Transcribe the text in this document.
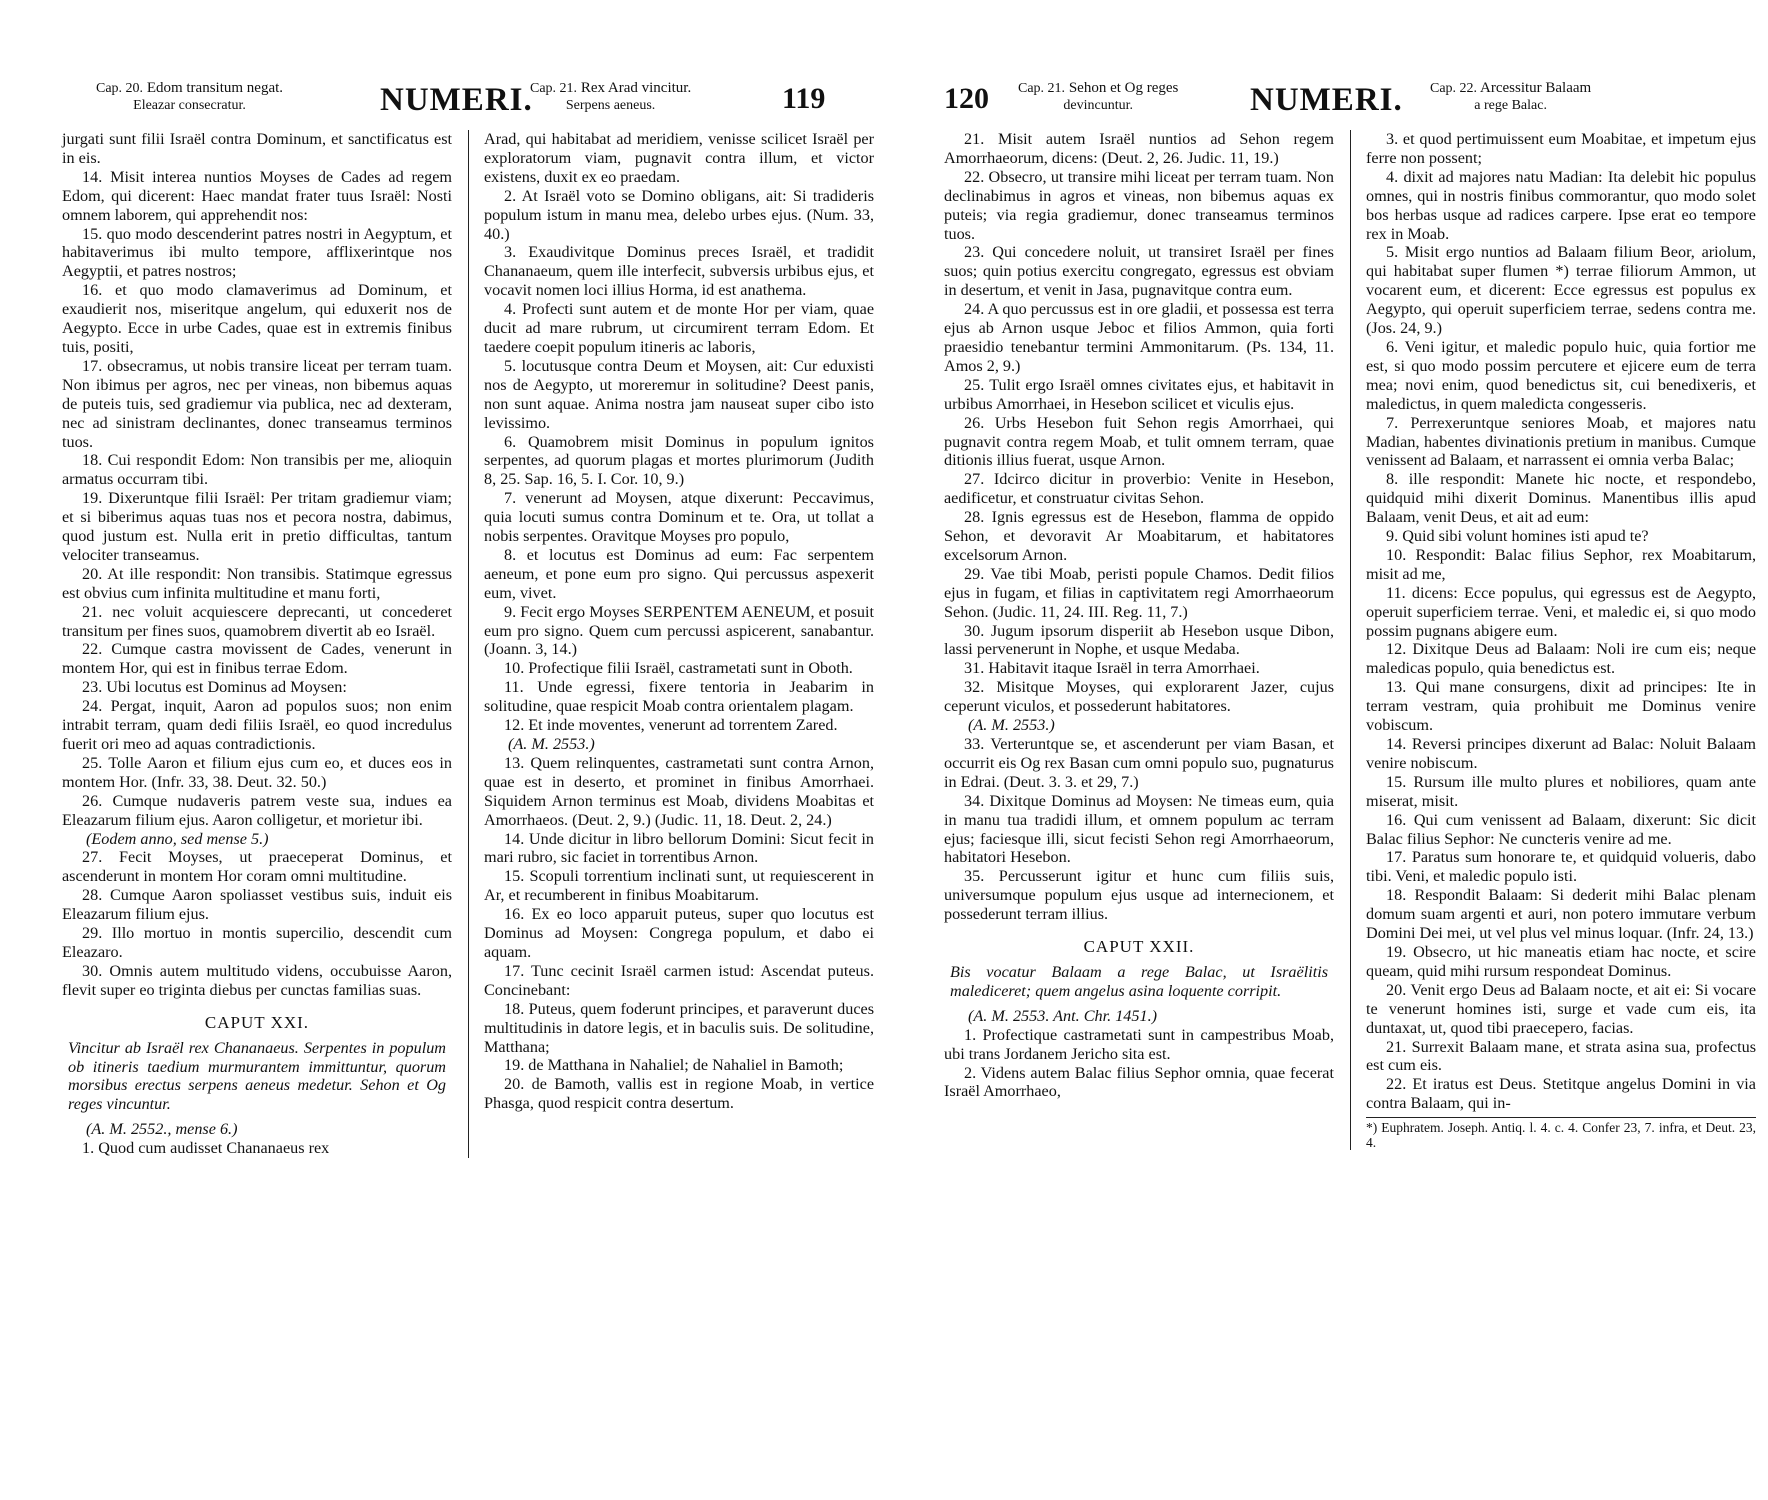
Cap. 20. Edom transitum negat.
Eleazar consecratur.	NUMERI.
Cap. 21. Rex Arad vincitur.
Serpens aeneus.	119

jurgati sunt filii Israël contra Dominum, et sanctificatus est in eis.

14. Misit interea nuntios Moyses de Cades ad regem Edom, qui dicerent: Haec mandat frater tuus Israël: Nosti omnem laborem, qui apprehendit nos:

15. quo modo descenderint patres nostri in Aegyptum, et habitaverimus ibi multo tempore, afflixerintque nos Aegyptii, et patres nostros;

16. et quo modo clamaverimus ad Dominum, et exaudierit nos, miseritque angelum, qui eduxerit nos de Aegypto. Ecce in urbe Cades, quae est in extremis finibus tuis, positi,

17. obsecramus, ut nobis transire liceat per terram tuam. Non ibimus per agros, nec per vineas, non bibemus aquas de puteis tuis, sed gradiemur via publica, nec ad dexteram, nec ad sinistram declinantes, donec transeamus terminos tuos.

18. Cui respondit Edom: Non transibis per me, alioquin armatus occurram tibi.

19. Dixeruntque filii Israël: Per tritam gradiemur viam; et si biberimus aquas tuas nos et pecora nostra, dabimus, quod justum est. Nulla erit in pretio difficultas, tantum velociter transeamus.

20. At ille respondit: Non transibis. Statimque egressus est obvius cum infinita multitudine et manu forti,

21. nec voluit acquiescere deprecanti, ut concederet transitum per fines suos, quamobrem divertit ab eo Israël.

22. Cumque castra movissent de Cades, venerunt in montem Hor, qui est in finibus terrae Edom.

23. Ubi locutus est Dominus ad Moysen:

24. Pergat, inquit, Aaron ad populos suos; non enim intrabit terram, quam dedi filiis Israël, eo quod incredulus fuerit ori meo ad aquas contradictionis.

25. Tolle Aaron et filium ejus cum eo, et duces eos in montem Hor. (Infr. 33, 38. Deut. 32. 50.)

26. Cumque nudaveris patrem veste sua, indues ea Eleazarum filium ejus. Aaron colligetur, et morietur ibi.

(Eodem anno, sed mense 5.)

27. Fecit Moyses, ut praeceperat Dominus, et ascenderunt in montem Hor coram omni multitudine.

28. Cumque Aaron spoliasset vestibus suis, induit eis Eleazarum filium ejus.

29. Illo mortuo in montis supercilio, descendit cum Eleazaro.

30. Omnis autem multitudo videns, occubuisse Aaron, flevit super eo triginta diebus per cunctas familias suas.

CAPUT XXI.

Vincitur ab Israël rex Chananaeus. Serpentes in populum ob itineris taedium murmurantem immittuntur, quorum morsibus erectus serpens aeneus medetur. Sehon et Og reges vincuntur.

(A. M. 2552., mense 6.)

1. Quod cum audisset Chananaeus rex

Arad, qui habitabat ad meridiem, venisse scilicet Israël per exploratorum viam, pugnavit contra illum, et victor existens, duxit ex eo praedam.

2. At Israël voto se Domino obligans, ait: Si tradideris populum istum in manu mea, delebo urbes ejus. (Num. 33, 40.)

3. Exaudivitque Dominus preces Israël, et tradidit Chananaeum, quem ille interfecit, subversis urbibus ejus, et vocavit nomen loci illius Horma, id est anathema.

4. Profecti sunt autem et de monte Hor per viam, quae ducit ad mare rubrum, ut circumirent terram Edom. Et taedere coepit populum itineris ac laboris,

5. locutusque contra Deum et Moysen, ait: Cur eduxisti nos de Aegypto, ut moreremur in solitudine? Deest panis, non sunt aquae. Anima nostra jam nauseat super cibo isto levissimo.

6. Quamobrem misit Dominus in populum ignitos serpentes, ad quorum plagas et mortes plurimorum (Judith 8, 25. Sap. 16, 5. I. Cor. 10, 9.)

7. venerunt ad Moysen, atque dixerunt: Peccavimus, quia locuti sumus contra Dominum et te. Ora, ut tollat a nobis serpentes. Oravitque Moyses pro populo,

8. et locutus est Dominus ad eum: Fac serpentem aeneum, et pone eum pro signo. Qui percussus aspexerit eum, vivet.

9. Fecit ergo Moyses SERPENTEM AENEUM, et posuit eum pro signo. Quem cum percussi aspicerent, sanabantur. (Joann. 3, 14.)

10. Profectique filii Israël, castrametati sunt in Oboth.

11. Unde egressi, fixere tentoria in Jeabarim in solitudine, quae respicit Moab contra orientalem plagam.

12. Et inde moventes, venerunt ad torrentem Zared.

(A. M. 2553.)

13. Quem relinquentes, castrametati sunt contra Arnon, quae est in deserto, et prominet in finibus Amorrhaei. Siquidem Arnon terminus est Moab, dividens Moabitas et Amorrhaeos. (Deut. 2, 9.) (Judic. 11, 18. Deut. 2, 24.)

14. Unde dicitur in libro bellorum Domini: Sicut fecit in mari rubro, sic faciet in torrentibus Arnon.

15. Scopuli torrentium inclinati sunt, ut requiescerent in Ar, et recumberent in finibus Moabitarum.

16. Ex eo loco apparuit puteus, super quo locutus est Dominus ad Moysen: Congrega populum, et dabo ei aquam.

17. Tunc cecinit Israël carmen istud: Ascendat puteus. Concinebant:

18. Puteus, quem foderunt principes, et paraverunt duces multitudinis in datore legis, et in baculis suis. De solitudine, Matthana;

19. de Matthana in Nahaliel; de Nahaliel in Bamoth;

20. de Bamoth, vallis est in regione Moab, in vertice Phasga, quod respicit contra desertum.

120 Cap. 21. Sehon et Og reges
devincuntur.	NUMERI. Cap. 22. Arcessitur Balaam
a rege Balac.

21. Misit autem Israël nuntios ad Sehon regem Amorrhaeorum, dicens: (Deut. 2, 26. Judic. 11, 19.)

22. Obsecro, ut transire mihi liceat per terram tuam. Non declinabimus in agros et vineas, non bibemus aquas ex puteis; via regia gradiemur, donec transeamus terminos tuos.

23. Qui concedere noluit, ut transiret Israël per fines suos; quin potius exercitu congregato, egressus est obviam in desertum, et venit in Jasa, pugnavitque contra eum.

24. A quo percussus est in ore gladii, et possessa est terra ejus ab Arnon usque Jeboc et filios Ammon, quia forti praesidio tenebantur termini Ammonitarum. (Ps. 134, 11. Amos 2, 9.)

25. Tulit ergo Israël omnes civitates ejus, et habitavit in urbibus Amorrhaei, in Hesebon scilicet et viculis ejus.

26. Urbs Hesebon fuit Sehon regis Amorrhaei, qui pugnavit contra regem Moab, et tulit omnem terram, quae ditionis illius fuerat, usque Arnon.

27. Idcirco dicitur in proverbio: Venite in Hesebon, aedificetur, et construatur civitas Sehon.

28. Ignis egressus est de Hesebon, flamma de oppido Sehon, et devoravit Ar Moabitarum, et habitatores excelsorum Arnon.

29. Vae tibi Moab, peristi popule Chamos. Dedit filios ejus in fugam, et filias in captivitatem regi Amorrhaeorum Sehon. (Judic. 11, 24. III. Reg. 11, 7.)

30. Jugum ipsorum disperiit ab Hesebon usque Dibon, lassi pervenerunt in Nophe, et usque Medaba.

31. Habitavit itaque Israël in terra Amorrhaei.

32. Misitque Moyses, qui explorarent Jazer, cujus ceperunt viculos, et possederunt habitatores.

(A. M. 2553.)

33. Verteruntque se, et ascenderunt per viam Basan, et occurrit eis Og rex Basan cum omni populo suo, pugnaturus in Edrai. (Deut. 3. 3. et 29, 7.)

34. Dixitque Dominus ad Moysen: Ne timeas eum, quia in manu tua tradidi illum, et omnem populum ac terram ejus; faciesque illi, sicut fecisti Sehon regi Amorrhaeorum, habitatori Hesebon.

35. Percusserunt igitur et hunc cum filiis suis, universumque populum ejus usque ad internecionem, et possederunt terram illius.

CAPUT XXII.

Bis vocatur Balaam a rege Balac, ut Israëlitis malediceret; quem angelus asina loquente corripit.

(A. M. 2553. Ant. Chr. 1451.)

1. Profectique castrametati sunt in campestribus Moab, ubi trans Jordanem Jericho sita est.

2. Videns autem Balac filius Sephor omnia, quae fecerat Israël Amorrhaeo,

3. et quod pertimuissent eum Moabitae, et impetum ejus ferre non possent;

4. dixit ad majores natu Madian: Ita delebit hic populus omnes, qui in nostris finibus commorantur, quo modo solet bos herbas usque ad radices carpere. Ipse erat eo tempore rex in Moab.

5. Misit ergo nuntios ad Balaam filium Beor, ariolum, qui habitabat super flumen *) terrae filiorum Ammon, ut vocarent eum, et dicerent: Ecce egressus est populus ex Aegypto, qui operuit superficiem terrae, sedens contra me. (Jos. 24, 9.)

6. Veni igitur, et maledic populo huic, quia fortior me est, si quo modo possim percutere et ejicere eum de terra mea; novi enim, quod benedictus sit, cui benedixeris, et maledictus, in quem maledicta congesseris.

7. Perrexeruntque seniores Moab, et majores natu Madian, habentes divinationis pretium in manibus. Cumque venissent ad Balaam, et narrassent ei omnia verba Balac;

8. ille respondit: Manete hic nocte, et respondebo, quidquid mihi dixerit Dominus. Manentibus illis apud Balaam, venit Deus, et ait ad eum:

9. Quid sibi volunt homines isti apud te?

10. Respondit: Balac filius Sephor, rex Moabitarum, misit ad me,

11. dicens: Ecce populus, qui egressus est de Aegypto, operuit superficiem terrae. Veni, et maledic ei, si quo modo possim pugnans abigere eum.

12. Dixitque Deus ad Balaam: Noli ire cum eis; neque maledicas populo, quia benedictus est.

13. Qui mane consurgens, dixit ad principes: Ite in terram vestram, quia prohibuit me Dominus venire vobiscum.

14. Reversi principes dixerunt ad Balac: Noluit Balaam venire nobiscum.

15. Rursum ille multo plures et nobiliores, quam ante miserat, misit.

16. Qui cum venissent ad Balaam, dixerunt: Sic dicit Balac filius Sephor: Ne cuncteris venire ad me.

17. Paratus sum honorare te, et quidquid volueris, dabo tibi. Veni, et maledic populo isti.

18. Respondit Balaam: Si dederit mihi Balac plenam domum suam argenti et auri, non potero immutare verbum Domini Dei mei, ut vel plus vel minus loquar. (Infr. 24, 13.)

19. Obsecro, ut hic maneatis etiam hac nocte, et scire queam, quid mihi rursum respondeat Dominus.

20. Venit ergo Deus ad Balaam nocte, et ait ei: Si vocare te venerunt homines isti, surge et vade cum eis, ita duntaxat, ut, quod tibi praecepero, facias.

21. Surrexit Balaam mane, et strata asina sua, profectus est cum eis.

22. Et iratus est Deus. Stetitque angelus Domini in via contra Balaam, qui in-

*) Euphratem. Joseph. Antiq. l. 4. c. 4. Confer 23, 7. infra, et Deut. 23, 4.
